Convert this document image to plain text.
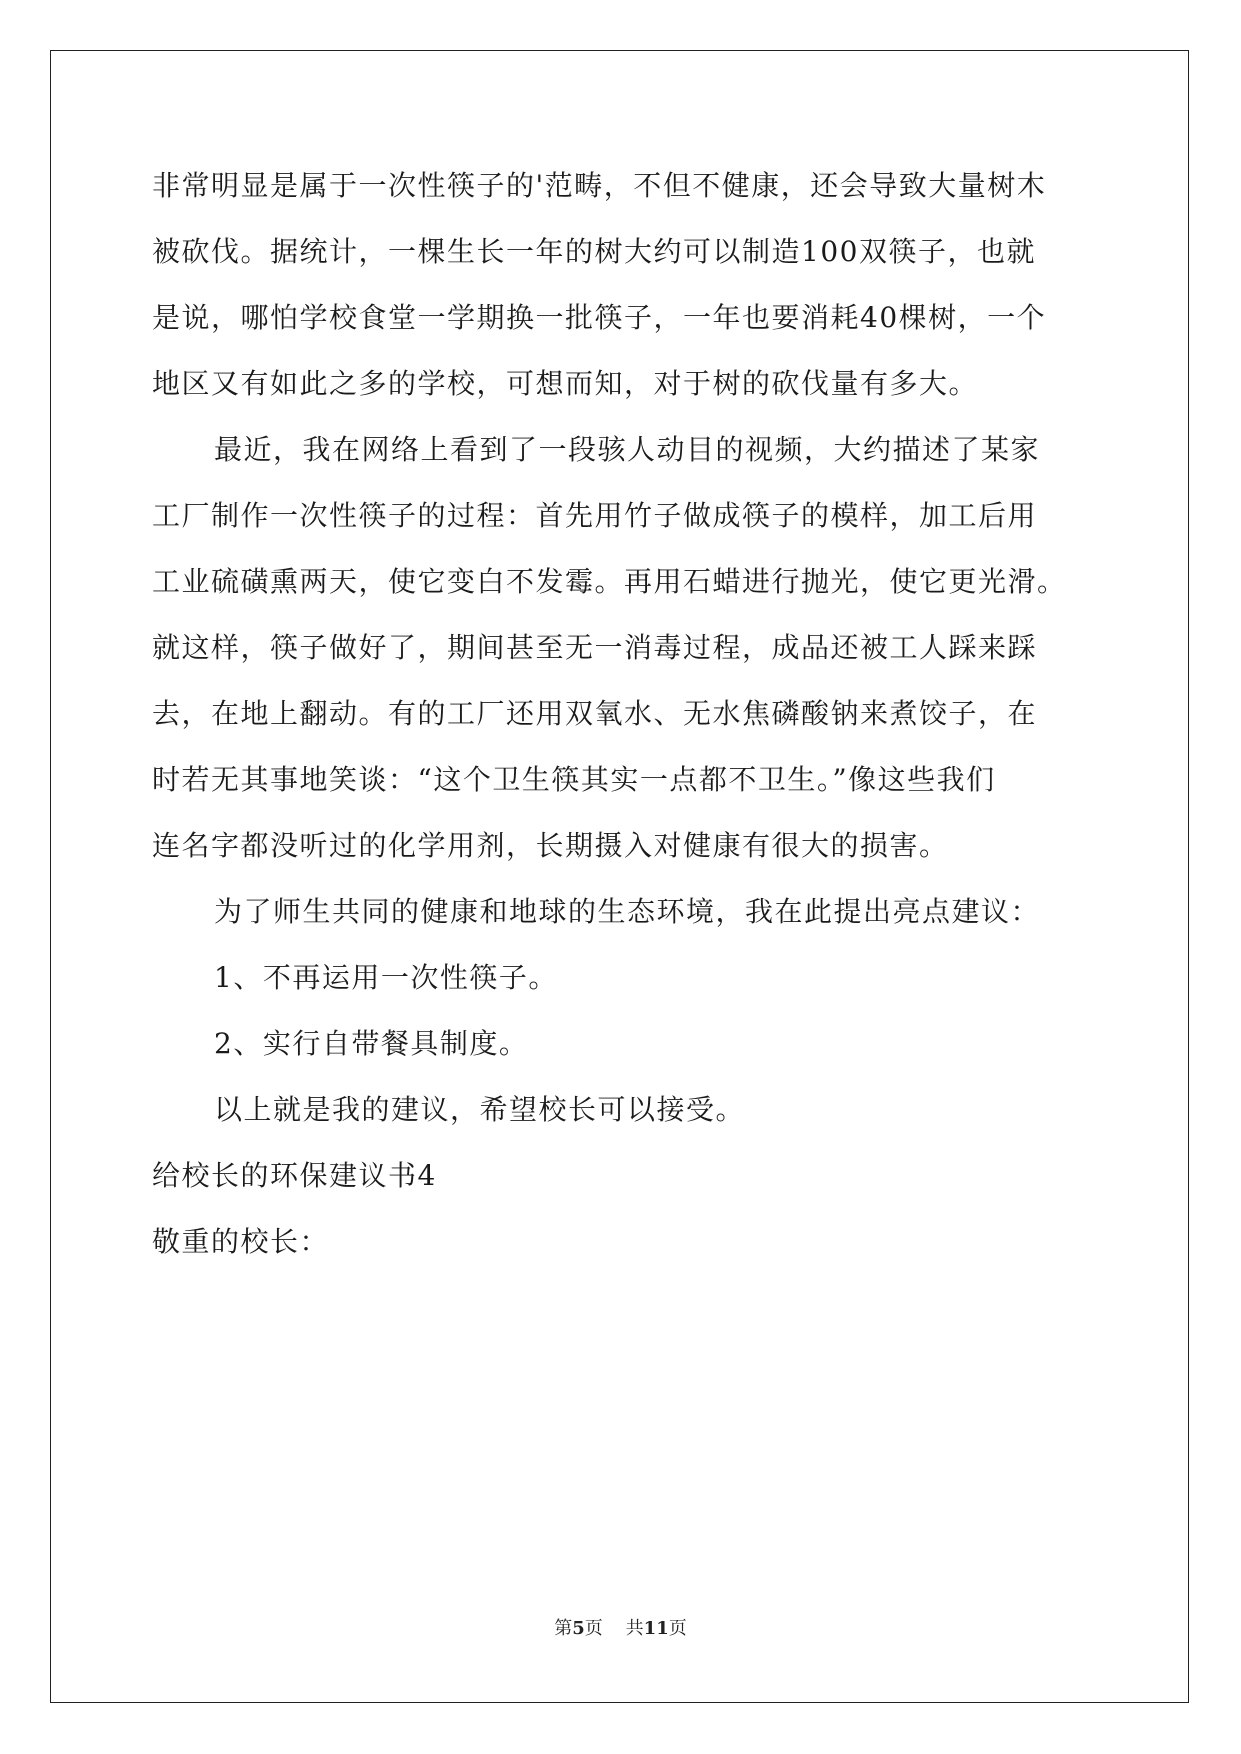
非常明显是属于一次性筷子的'范畴，不但不健康，还会导致大量树木
被砍伐。据统计，一棵生长一年的树大约可以制造100双筷子，也就
是说，哪怕学校食堂一学期换一批筷子，一年也要消耗40棵树，一个
地区又有如此之多的学校，可想而知，对于树的砍伐量有多大。
最近，我在网络上看到了一段骇人动目的视频，大约描述了某家
工厂制作一次性筷子的过程：首先用竹子做成筷子的模样，加工后用
工业硫磺熏两天，使它变白不发霉。再用石蜡进行抛光，使它更光滑。
就这样，筷子做好了，期间甚至无一消毒过程，成品还被工人踩来踩
去，在地上翻动。有的工厂还用双氧水、无水焦磷酸钠来煮饺子，在
时若无其事地笑谈：“这个卫生筷其实一点都不卫生。”像这些我们
连名字都没听过的化学用剂，长期摄入对健康有很大的损害。
为了师生共同的健康和地球的生态环境，我在此提出亮点建议：
1、不再运用一次性筷子。
2、实行自带餐具制度。
以上就是我的建议，希望校长可以接受。
给校长的环保建议书4
敬重的校长：
第5页 共11页
